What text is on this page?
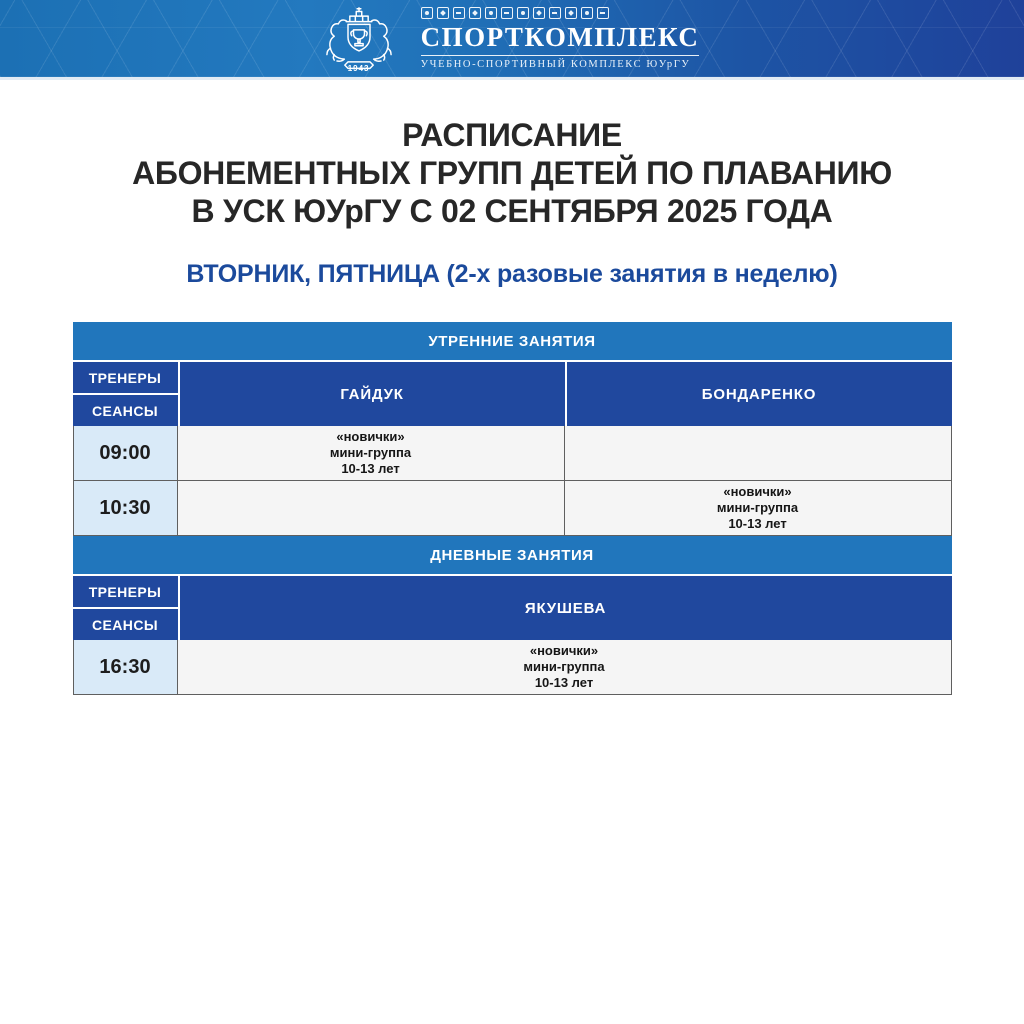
1943
СПОРТКОМПЛЕКС
УЧЕБНО-СПОРТИВНЫЙ КОМПЛЕКС ЮУрГУ
РАСПИСАНИЕ
АБОНЕМЕНТНЫХ ГРУПП ДЕТЕЙ ПО ПЛАВАНИЮ
В УСК ЮУрГУ С 02 СЕНТЯБРЯ 2025 ГОДА
ВТОРНИК, ПЯТНИЦА (2-х разовые занятия в неделю)
УТРЕННИЕ ЗАНЯТИЯ
ТРЕНЕРЫ
СЕАНСЫ
ГАЙДУК	БОНДАРЕНКО
09:00
«новички»
мини-группа
10-13 лет
10:30
«новички»
мини-группа
10-13 лет
ДНЕВНЫЕ ЗАНЯТИЯ
ТРЕНЕРЫ
СЕАНСЫ
ЯКУШЕВА
16:30
«новички»
мини-группа
10-13 лет
